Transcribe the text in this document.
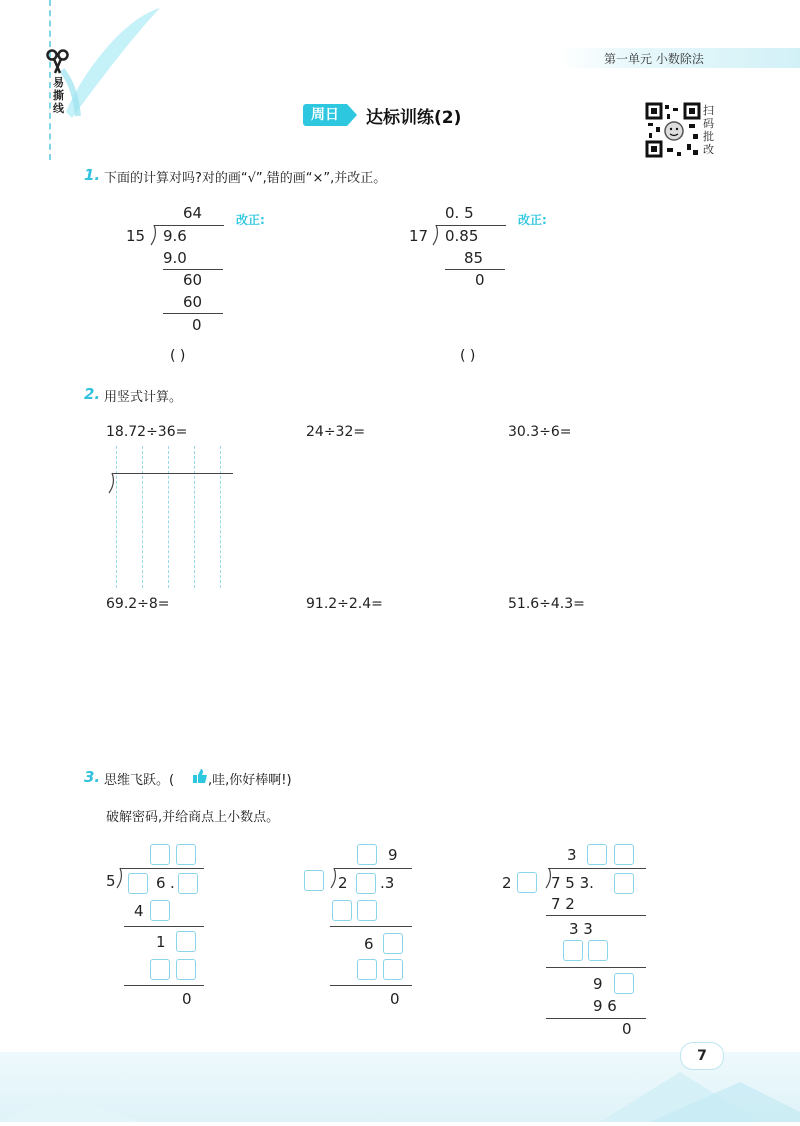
易撕线
第一单元 小数除法
周日	达标训练(2)	扫码批改
1. 下面的计算对吗?对的画“√”,错的画“×”,并改正。
64	改正:
15 9.6
9.0
60
60
0
( )
0. 5	改正:
17 0.85
85
0
( )
2. 用竖式计算。
18.72÷36=	24÷32=	30.3÷6=
69.2÷8=	91.2÷2.4=	51.6÷4.3=
3. 思维飞跃。(	,哇,你好棒啊!)
破解密码,并给商点上小数点。
5	6 .
4
1
0
9
2 .3
6
0
3
2	7 5 3.
7 2
3 3
9
9 6
0
7
